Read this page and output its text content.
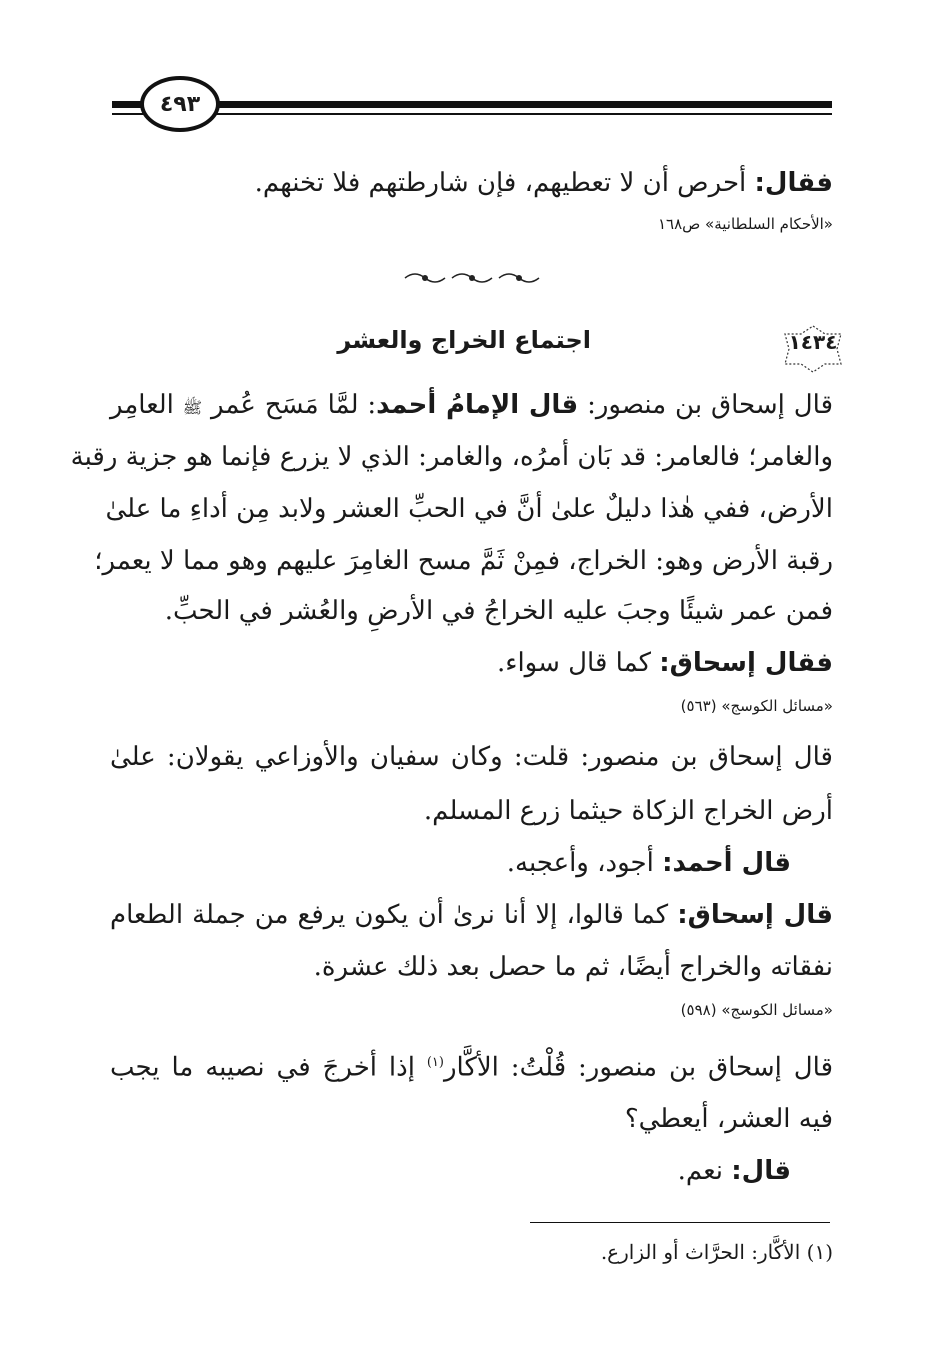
٤٩٣
فقال: أحرص أن لا تعطيهم، فإن شارطتهم فلا تخنهم.
«الأحكام السلطانية» ص١٦٨
١٤٣٤
اجتماع الخراج والعشر
قال إسحاق بن منصور: قال الإمامُ أحمد: لمَّا مَسَح عُمر ﷺ العامِر
والغامر؛ فالعامر: قد بَان أمرُه، والغامر: الذي لا يزرع فإنما هو جزية رقبة
الأرض، ففي هٰذا دليلٌ علىٰ أنَّ في الحبِّ العشر ولابد مِن أداءِ ما علىٰ
رقبة الأرض وهو: الخراج، فمِنْ ثَمَّ مسح الغامِرَ عليهم وهو مما لا يعمر؛
فمن عمر شيئًا وجبَ عليه الخراجُ في الأرضِ والعُشر في الحبِّ.
فقال إسحاق: كما قال سواء.
«مسائل الكوسج» (٥٦٣)
قال إسحاق بن منصور: قلت: وكان سفيان والأوزاعي يقولان: علىٰ
أرض الخراج الزكاة حيثما زرع المسلم.
قال أحمد: أجود، وأعجبه.
قال إسحاق: كما قالوا، إلا أنا نرىٰ أن يكون يرفع من جملة الطعام
نفقاته والخراج أيضًا، ثم ما حصل بعد ذلك عشرة.
«مسائل الكوسج» (٥٩٨)
قال إسحاق بن منصور: قُلْتُ: الأكَّار$^{(١)}$ إذا أخرجَ في نصيبه ما يجب
فيه العشر، أيعطي؟
قال: نعم.
(١) الأكَّار: الحرَّاث أو الزارع.
